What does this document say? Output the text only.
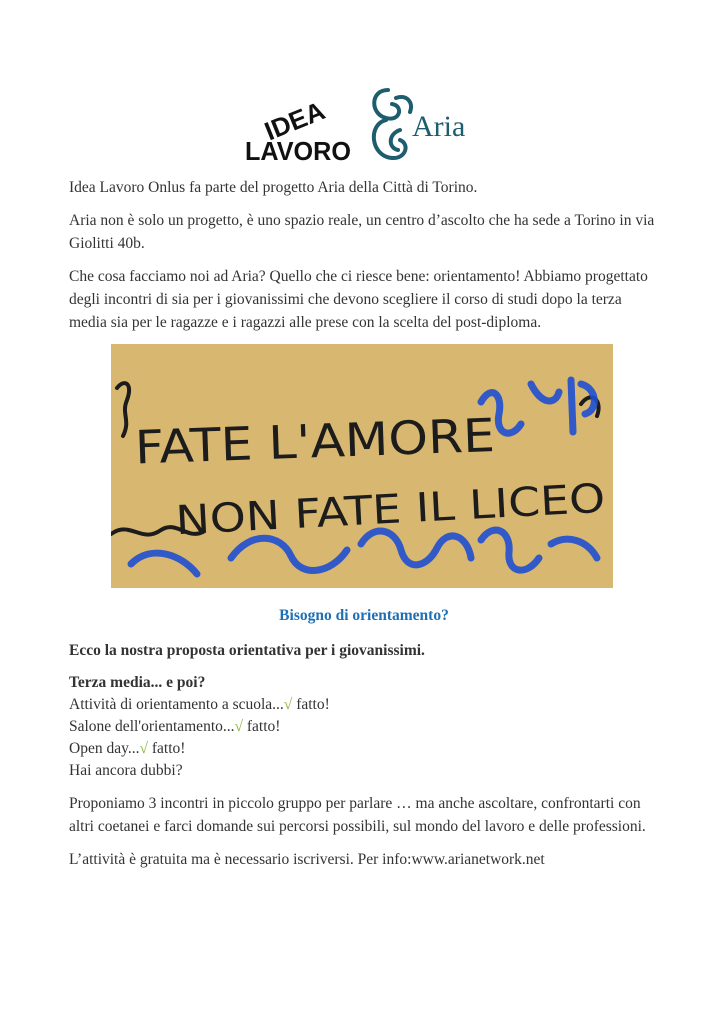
IDEA
LAVORO
Aria

Idea Lavoro Onlus fa parte del progetto Aria della Città di Torino.

Aria non è solo un progetto, è uno spazio reale, un centro d’ascolto che ha sede a Torino in via Giolitti 40b.

Che cosa facciamo noi ad Aria? Quello che ci riesce bene: orientamento! Abbiamo progettato degli incontri di sia per i giovanissimi che devono scegliere il corso di studi dopo la terza media sia per le ragazze e i ragazzi alle prese con la scelta del post-diploma.

FATE L'AMORE
NON FATE IL LICEO

Bisogno di orientamento?

Ecco la nostra proposta orientativa per i giovanissimi.

Terza media... e poi?
Attività di orientamento a scuola...√ fatto!
Salone dell'orientamento...√ fatto!
Open day...√ fatto!
Hai ancora dubbi?

Proponiamo 3 incontri in piccolo gruppo per parlare … ma anche ascoltare, confrontarti con altri coetanei e farci domande sui percorsi possibili, sul mondo del lavoro e delle professioni.

L’attività è gratuita ma è necessario iscriversi. Per info:www.arianetwork.net
